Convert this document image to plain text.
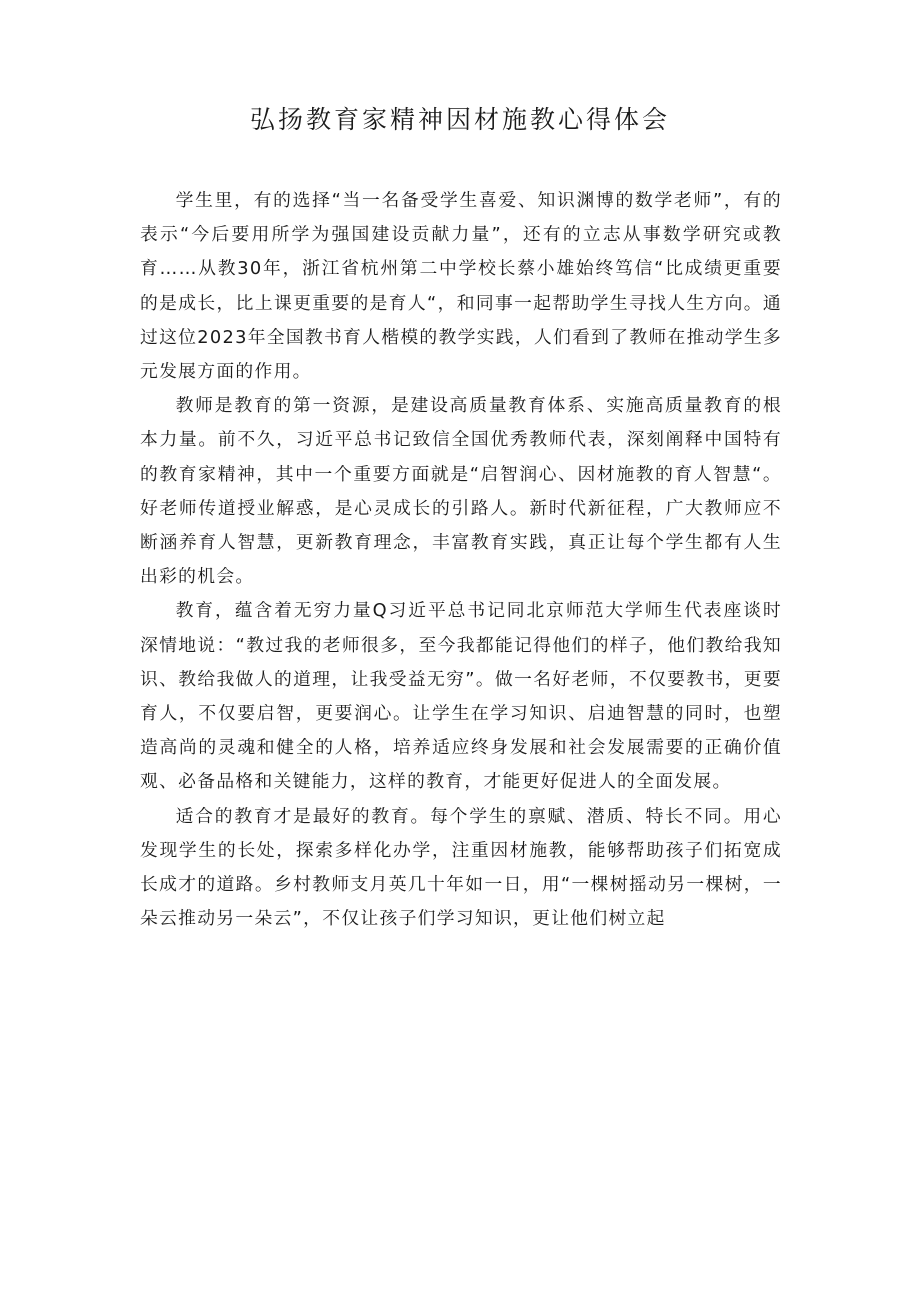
弘扬教育家精神因材施教心得体会

学生里，有的选择“当一名备受学生喜爱、知识渊博的数学老师”，有的表示“今后要用所学为强国建设贡献力量”，还有的立志从事数学研究或教育……从教30年，浙江省杭州第二中学校长蔡小雄始终笃信“比成绩更重要的是成长，比上课更重要的是育人“，和同事一起帮助学生寻找人生方向。通过这位2023年全国教书育人楷模的教学实践，人们看到了教师在推动学生多元发展方面的作用。

教师是教育的第一资源，是建设高质量教育体系、实施高质量教育的根本力量。前不久，习近平总书记致信全国优秀教师代表，深刻阐释中国特有的教育家精神，其中一个重要方面就是“启智润心、因材施教的育人智慧“。好老师传道授业解惑，是心灵成长的引路人。新时代新征程，广大教师应不断涵养育人智慧，更新教育理念，丰富教育实践，真正让每个学生都有人生出彩的机会。

教育，蕴含着无穷力量Q习近平总书记同北京师范大学师生代表座谈时深情地说：“教过我的老师很多，至今我都能记得他们的样子，他们教给我知识、教给我做人的道理，让我受益无穷”。做一名好老师，不仅要教书，更要育人，不仅要启智，更要润心。让学生在学习知识、启迪智慧的同时，也塑造高尚的灵魂和健全的人格，培养适应终身发展和社会发展需要的正确价值观、必备品格和关键能力，这样的教育，才能更好促进人的全面发展。

适合的教育才是最好的教育。每个学生的禀赋、潜质、特长不同。用心发现学生的长处，探索多样化办学，注重因材施教，能够帮助孩子们拓宽成长成才的道路。乡村教师支月英几十年如一日，用“一棵树摇动另一棵树，一朵云推动另一朵云”，不仅让孩子们学习知识，更让他们树立起
